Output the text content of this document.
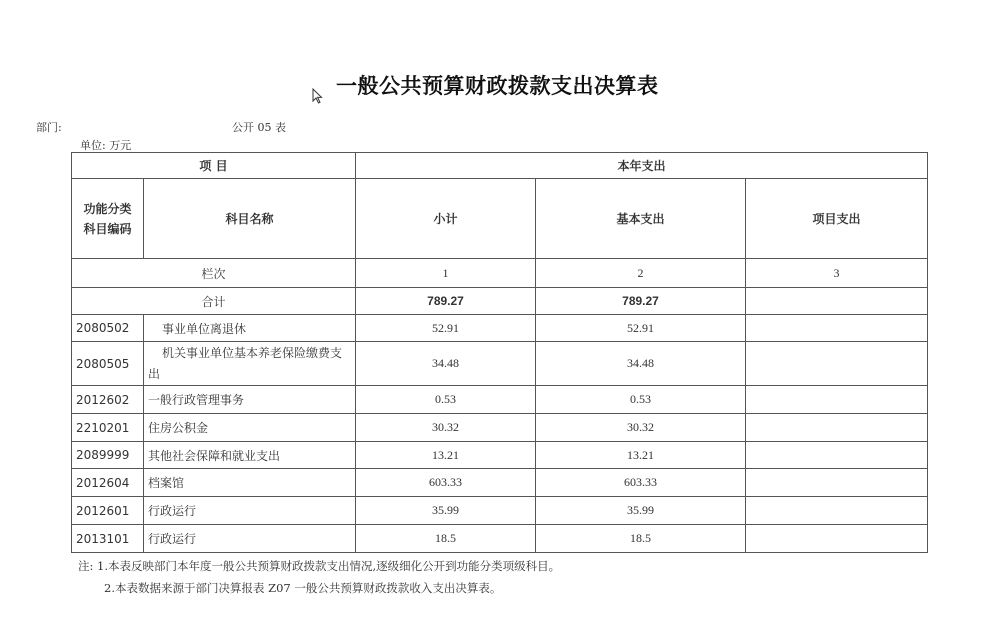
一般公共预算财政拨款支出决算表
部门:	公开 05 表
单位: 万元
项 目		本年支出		

功能分类
科目编码	科目名称	小计	基本支出	项目支出
栏次		1	2	3
合计		789.27	789.27	
2080502	事业单位离退休	52.91	52.91	
2080505	机关事业单位基本养老保险缴费支出	34.48	34.48	
2012602	一般行政管理事务	0.53	0.53	
2210201	住房公积金	30.32	30.32	
2089999	其他社会保障和就业支出	13.21	13.21	
2012604	档案馆	603.33	603.33	
2012601	行政运行	35.99	35.99	
2013101	行政运行	18.5	18.5	
注: 1.本表反映部门本年度一般公共预算财政拨款支出情况,逐级细化公开到功能分类项级科目。
2.本表数据来源于部门决算报表 Z07 一般公共预算财政拨款收入支出决算表。
